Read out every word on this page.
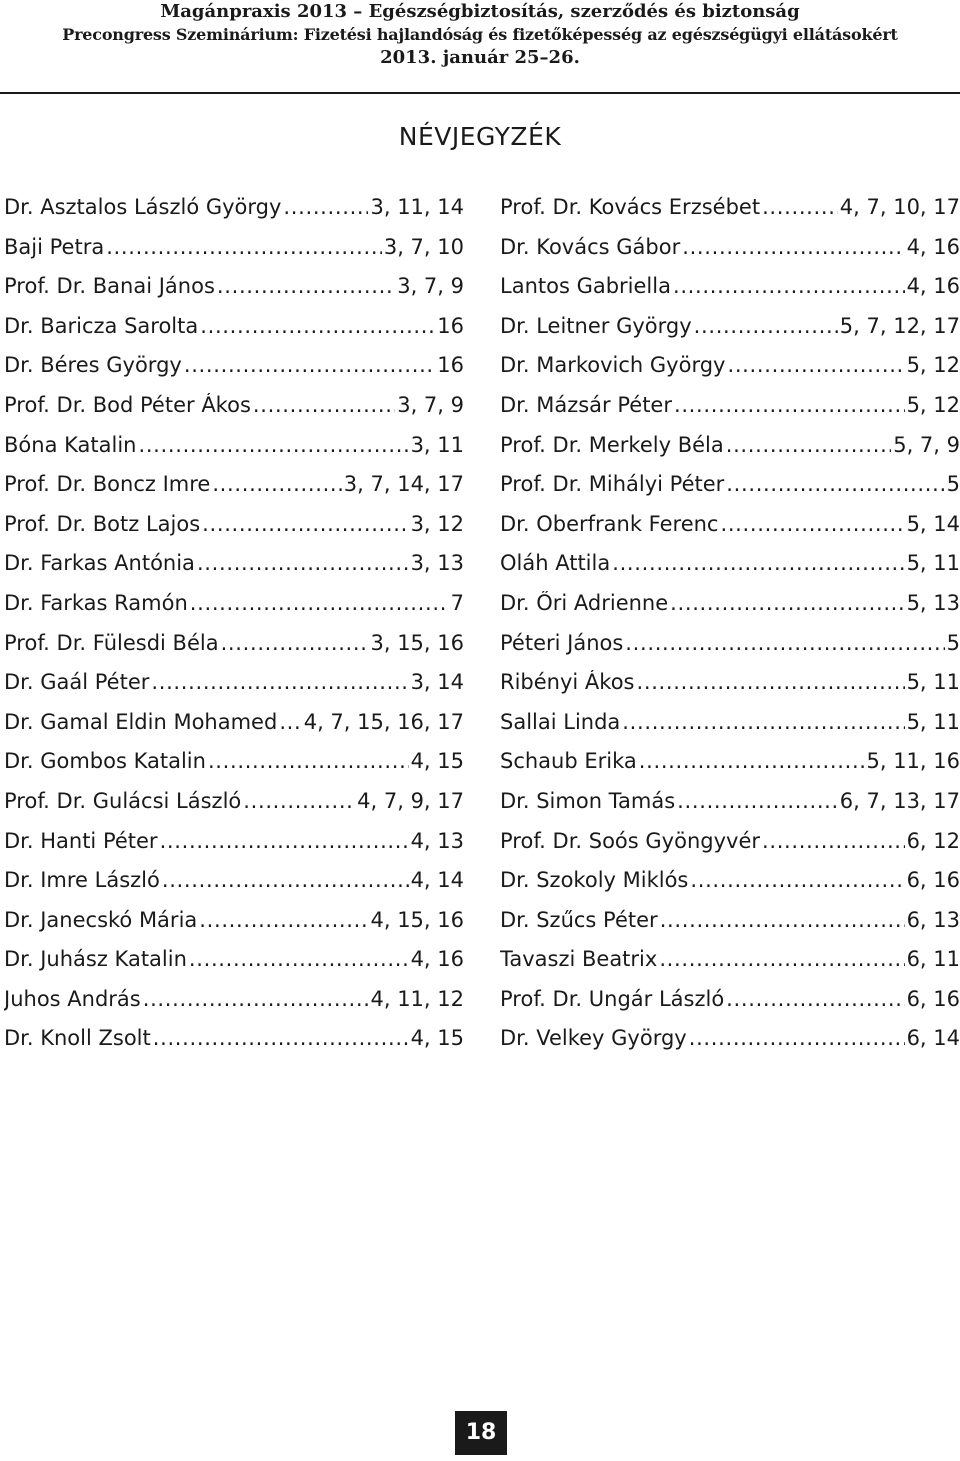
Magánpraxis 2013 – Egészségbiztosítás, szerződés és biztonság
Precongress Szeminárium: Fizetési hajlandóság és fizetőképesség az egészségügyi ellátásokért
2013. január 25–26.
NÉVJEGYZÉK
Dr. Asztalos László György . . .	3, 11, 14
Baji Petra . . .	3, 7, 10
Prof. Dr. Banai János . . .	3, 7, 9
Dr. Baricza Sarolta . . .	16
Dr. Béres György . . .	16
Prof. Dr. Bod Péter Ákos . . .	3, 7, 9
Bóna Katalin . . .	3, 11
Prof. Dr. Boncz Imre . . .	3, 7, 14, 17
Prof. Dr. Botz Lajos . . .	3, 12
Dr. Farkas Antónia . . .	3, 13
Dr. Farkas Ramón . . .	7
Prof. Dr. Fülesdi Béla . . .	3, 15, 16
Dr. Gaál Péter . . .	3, 14
Dr. Gamal Eldin Mohamed . . . 4, 7, 15, 16, 17
Dr. Gombos Katalin . . .	4, 15
Prof. Dr. Gulácsi László . . .	4, 7, 9, 17
Dr. Hanti Péter . . .	4, 13
Dr. Imre László . . .	4, 14
Dr. Janecskó Mária . . .	4, 15, 16
Dr. Juhász Katalin . . .	4, 16
Juhos András . . .	4, 11, 12
Dr. Knoll Zsolt . . .	4, 15
Prof. Dr. Kovács Erzsébet . . .	4, 7, 10, 17
Dr. Kovács Gábor . . .	4, 16
Lantos Gabriella . . .	4, 16
Dr. Leitner György . . .	5, 7, 12, 17
Dr. Markovich György . . .	5, 12
Dr. Mázsár Péter . . .	5, 12
Prof. Dr. Merkely Béla . . .	5, 7, 9
Prof. Dr. Mihályi Péter . . .	5
Dr. Oberfrank Ferenc . . .	5, 14
Oláh Attila . . .	5, 11
Dr. Őri Adrienne . . .	5, 13
Péteri János . . .	5
Ribényi Ákos . . .	5, 11
Sallai Linda . . .	5, 11
Schaub Erika . . .	5, 11, 16
Dr. Simon Tamás . . .	6, 7, 13, 17
Prof. Dr. Soós Gyöngyvér . . .	6, 12
Dr. Szokoly Miklós . . .	6, 16
Dr. Szűcs Péter . . .	6, 13
Tavaszi Beatrix . . .	6, 11
Prof. Dr. Ungár László . . .	6, 16
Dr. Velkey György . . .	6, 14
18
